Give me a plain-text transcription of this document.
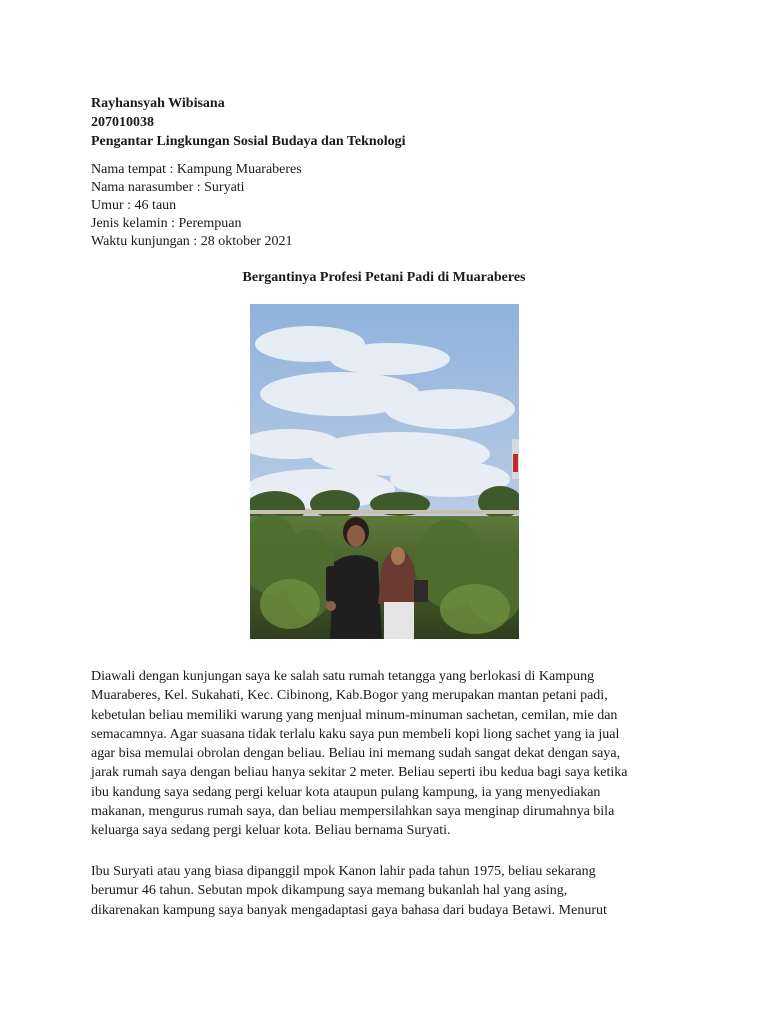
Rayhansyah Wibisana
207010038
Pengantar Lingkungan Sosial Budaya dan Teknologi
Nama tempat : Kampung Muaraberes
Nama narasumber : Suryati
Umur : 46 taun
Jenis kelamin : Perempuan
Waktu kunjungan : 28 oktober 2021
Bergantinya Profesi Petani Padi di Muaraberes
Diawali dengan kunjungan saya ke salah satu rumah tetangga yang berlokasi di Kampung
Muaraberes, Kel. Sukahati, Kec. Cibinong, Kab.Bogor yang merupakan mantan petani padi,
kebetulan beliau memiliki warung yang menjual minum-minuman sachetan, cemilan, mie dan
semacamnya. Agar suasana tidak terlalu kaku saya pun membeli kopi liong sachet yang ia jual
agar bisa memulai obrolan dengan beliau. Beliau ini memang sudah sangat dekat dengan saya,
jarak rumah saya dengan beliau hanya sekitar 2 meter. Beliau seperti ibu kedua bagi saya ketika
ibu kandung saya sedang pergi keluar kota ataupun pulang kampung, ia yang menyediakan
makanan, mengurus rumah saya, dan beliau mempersilahkan saya menginap dirumahnya bila
keluarga saya sedang pergi keluar kota. Beliau bernama Suryati.
Ibu Suryati atau yang biasa dipanggil mpok Kanon lahir pada tahun 1975, beliau sekarang
berumur 46 tahun. Sebutan mpok dikampung saya memang bukanlah hal yang asing,
dikarenakan kampung saya banyak mengadaptasi gaya bahasa dari budaya Betawi. Menurut
